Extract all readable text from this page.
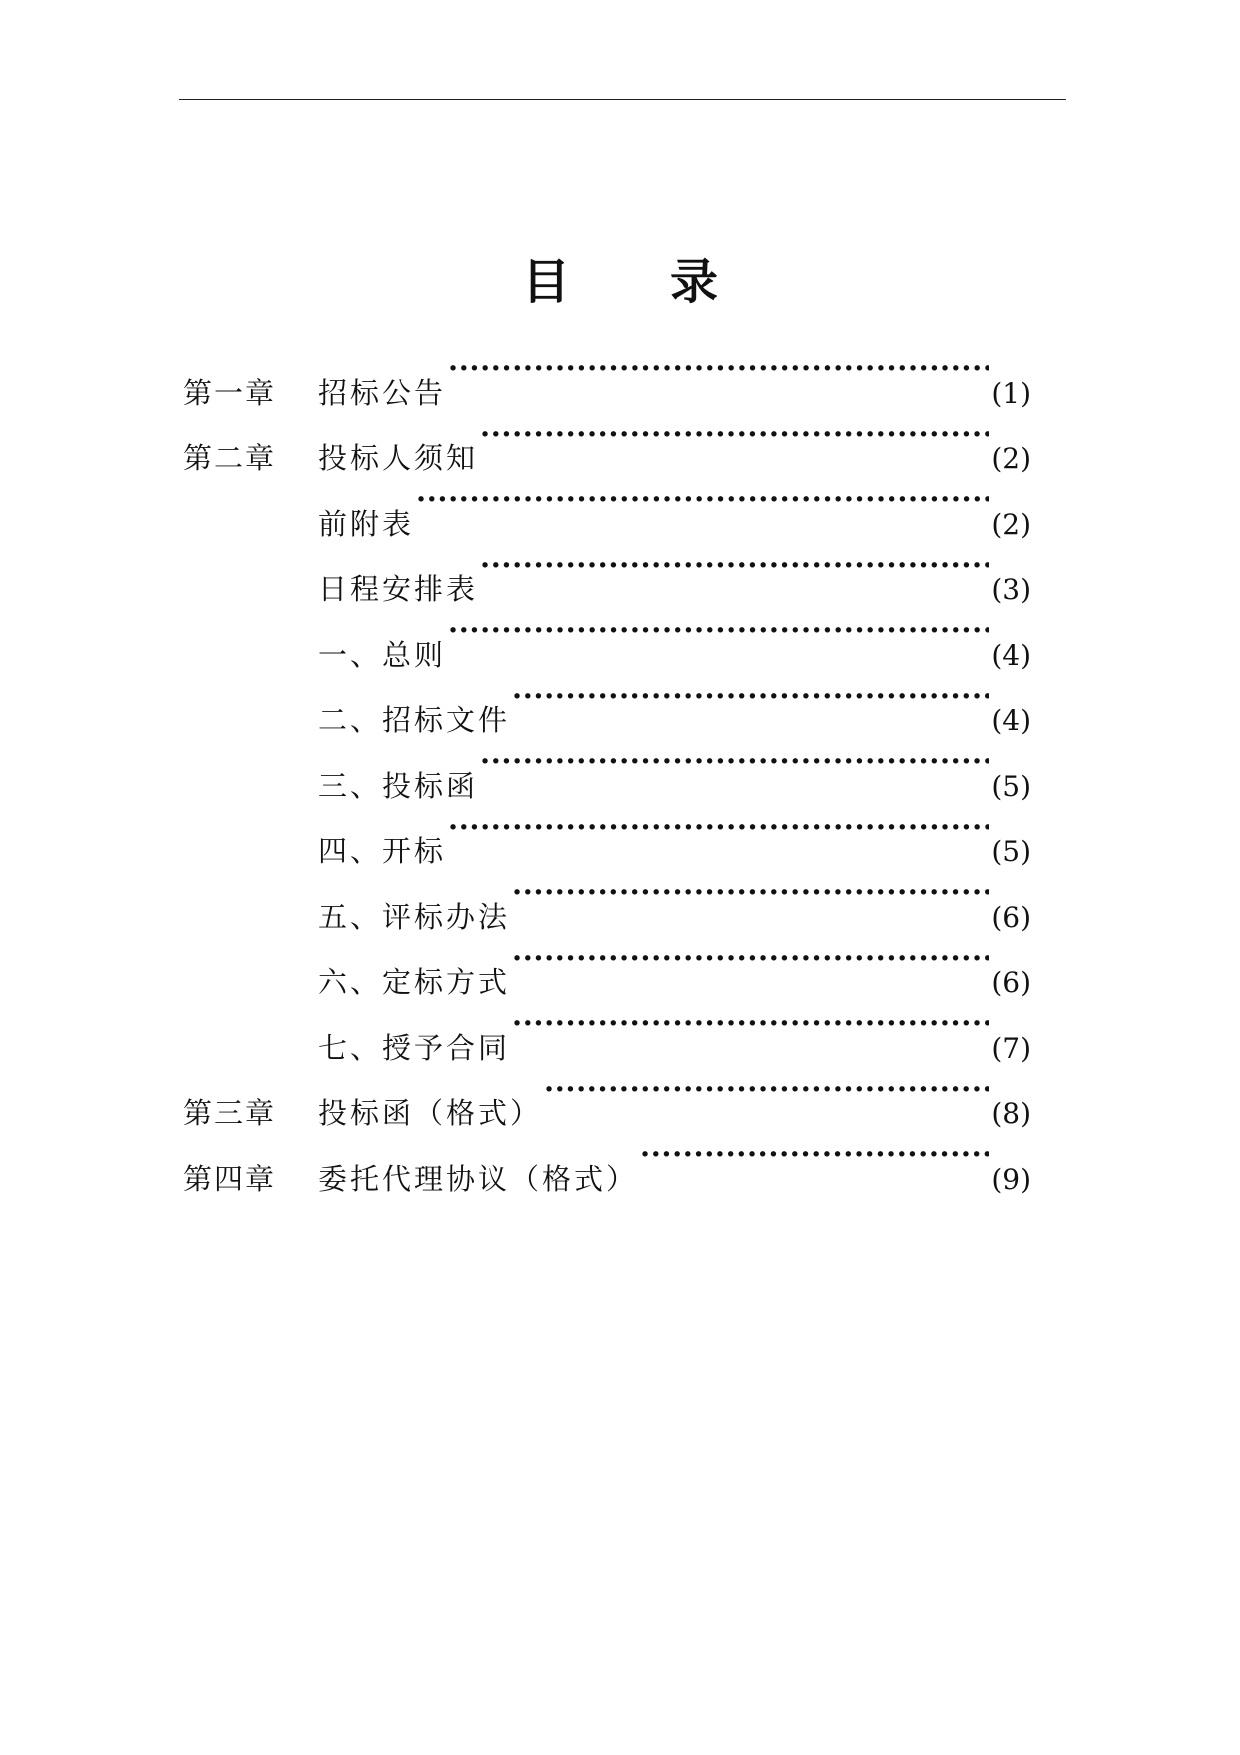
目 录
第一章	招标公告 ·····	(1)
第二章	投标人须知 ·····	(2)
前附表 ·····	(2)
日程安排表 ·····	(3)
一、总则 ·····	(4)
二、招标文件 ·····	(4)
三、投标函 ·····	(5)
四、开标 ·····	(5)
五、评标办法 ·····	(6)
六、定标方式 ·····	(6)
七、授予合同 ·····	(7)
第三章	投标函（格式） ·····	(8)
第四章	委托代理协议（格式） ·····	(9)
